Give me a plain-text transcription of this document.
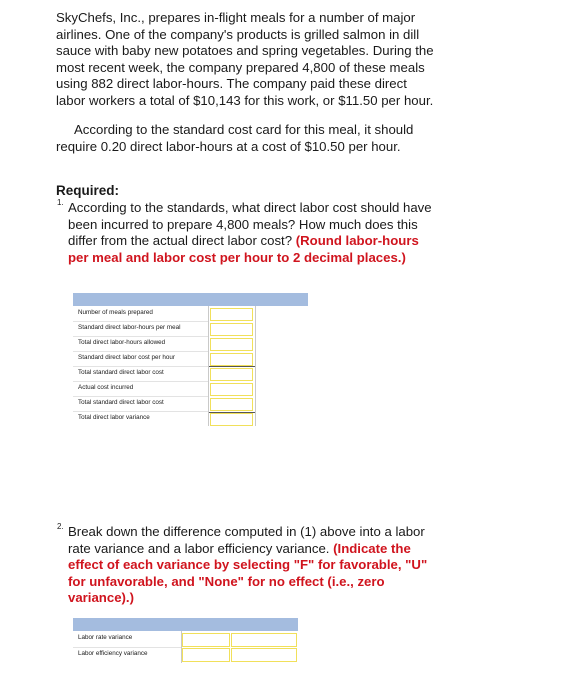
SkyChefs, Inc., prepares in-flight meals for a number of major airlines. One of the company's products is grilled salmon in dill sauce with baby new potatoes and spring vegetables. During the most recent week, the company prepared 4,800 of these meals using 882 direct labor-hours. The company paid these direct labor workers a total of $10,143 for this work, or $11.50 per hour.
According to the standard cost card for this meal, it should require 0.20 direct labor-hours at a cost of $10.50 per hour.
Required:
1. According to the standards, what direct labor cost should have been incurred to prepare 4,800 meals? How much does this differ from the actual direct labor cost? (Round labor-hours per meal and labor cost per hour to 2 decimal places.)
Number of meals prepared
Standard direct labor-hours per meal
Total direct labor-hours allowed
Standard direct labor cost per hour
Total standard direct labor cost
Actual cost incurred
Total standard direct labor cost
Total direct labor variance
2. Break down the difference computed in (1) above into a labor rate variance and a labor efficiency variance. (Indicate the effect of each variance by selecting "F" for favorable, "U" for unfavorable, and "None" for no effect (i.e., zero variance).)
Labor rate variance
Labor efficiency variance
